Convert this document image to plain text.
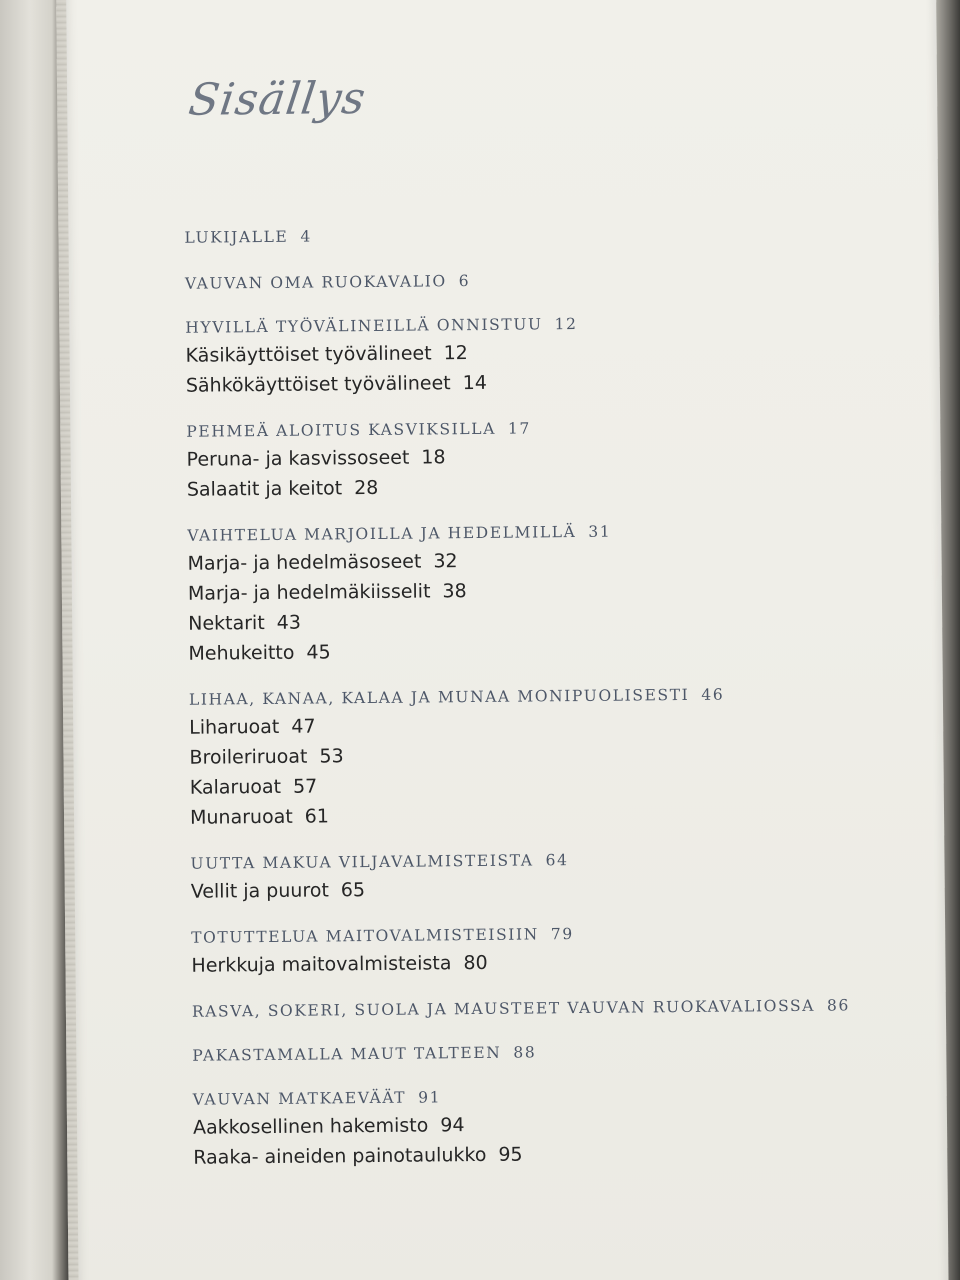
Sisällys
LUKIJALLE 4
VAUVAN OMA RUOKAVALIO 6
HYVILLÄ TYÖVÄLINEILLÄ ONNISTUU 12
Käsikäyttöiset työvälineet 12
Sähkökäyttöiset työvälineet 14
PEHMEÄ ALOITUS KASVIKSILLA 17
Peruna- ja kasvissoseet 18
Salaatit ja keitot 28
VAIHTELUA MARJOILLA JA HEDELMILLÄ 31
Marja- ja hedelmäsoseet 32
Marja- ja hedelmäkiisselit 38
Nektarit 43
Mehukeitto 45
LIHAA, KANAA, KALAA JA MUNAA MONIPUOLISESTI 46
Liharuoat 47
Broileriruoat 53
Kalaruoat 57
Munaruoat 61
UUTTA MAKUA VILJAVALMISTEISTA 64
Vellit ja puurot 65
TOTUTTELUA MAITOVALMISTEISIIN 79
Herkkuja maitovalmisteista 80
RASVA, SOKERI, SUOLA JA MAUSTEET VAUVAN RUOKAVALIOSSA 86
PAKASTAMALLA MAUT TALTEEN 88
VAUVAN MATKAEVÄÄT 91
Aakkosellinen hakemisto 94
Raaka- aineiden painotaulukko 95
